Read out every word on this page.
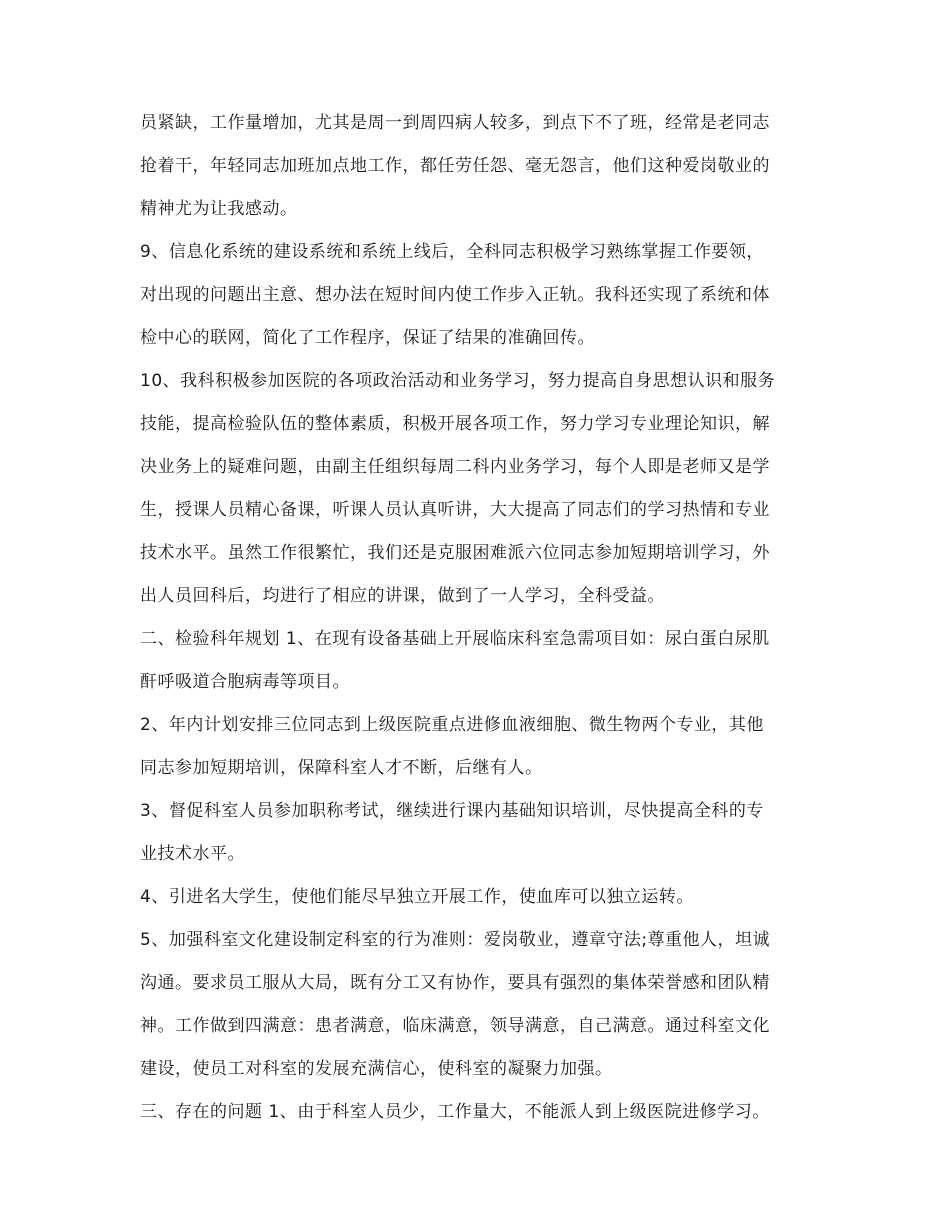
员紧缺，工作量增加，尤其是周一到周四病人较多，到点下不了班，经常是老同志
抢着干，年轻同志加班加点地工作，都任劳任怨、毫无怨言，他们这种爱岗敬业的
精神尤为让我感动。
9、信息化系统的建设系统和系统上线后，全科同志积极学习熟练掌握工作要领，
对出现的问题出主意、想办法在短时间内使工作步入正轨。我科还实现了系统和体
检中心的联网，简化了工作程序，保证了结果的准确回传。
10、我科积极参加医院的各项政治活动和业务学习，努力提高自身思想认识和服务
技能，提高检验队伍的整体素质，积极开展各项工作，努力学习专业理论知识，解
决业务上的疑难问题，由副主任组织每周二科内业务学习，每个人即是老师又是学
生，授课人员精心备课，听课人员认真听讲，大大提高了同志们的学习热情和专业
技术水平。虽然工作很繁忙，我们还是克服困难派六位同志参加短期培训学习，外
出人员回科后，均进行了相应的讲课，做到了一人学习，全科受益。
二、检验科年规划 1、在现有设备基础上开展临床科室急需项目如：尿白蛋白尿肌
酐呼吸道合胞病毒等项目。
2、年内计划安排三位同志到上级医院重点进修血液细胞、微生物两个专业，其他
同志参加短期培训，保障科室人才不断，后继有人。
3、督促科室人员参加职称考试，继续进行课内基础知识培训，尽快提高全科的专
业技术水平。
4、引进名大学生，使他们能尽早独立开展工作，使血库可以独立运转。
5、加强科室文化建设制定科室的行为准则：爱岗敬业，遵章守法;尊重他人，坦诚
沟通。要求员工服从大局，既有分工又有协作，要具有强烈的集体荣誉感和团队精
神。工作做到四满意：患者满意，临床满意，领导满意，自己满意。通过科室文化
建设，使员工对科室的发展充满信心，使科室的凝聚力加强。
三、存在的问题 1、由于科室人员少，工作量大，不能派人到上级医院进修学习。
